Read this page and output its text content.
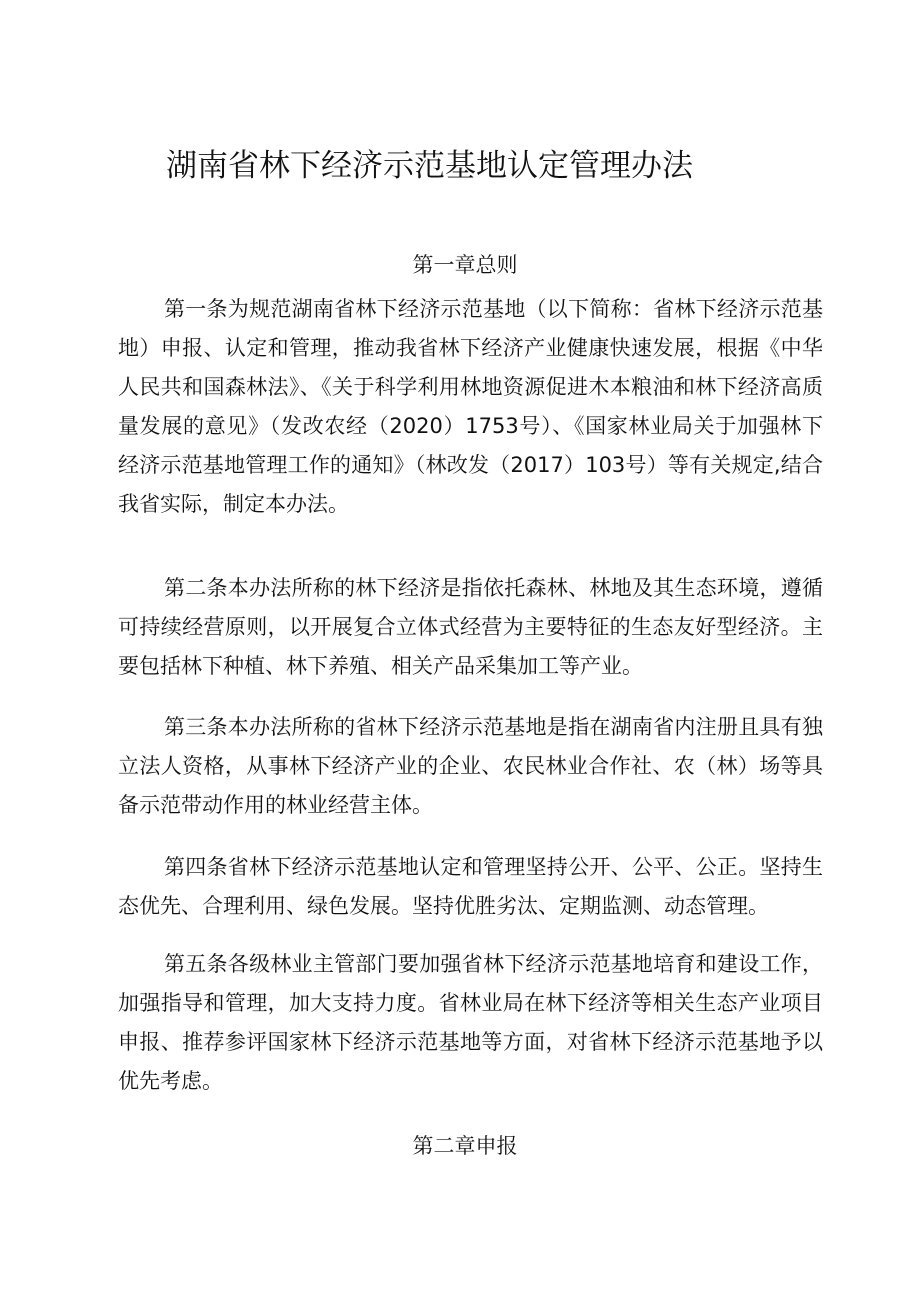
湖南省林下经济示范基地认定管理办法
第一章总则

第一条为规范湖南省林下经济示范基地（以下简称：省林下经济示范基地）申报、认定和管理，推动我省林下经济产业健康快速发展，根据《中华人民共和国森林法》、《关于科学利用林地资源促进木本粮油和林下经济高质量发展的意见》（发改农经（2020）1753号）、《国家林业局关于加强林下经济示范基地管理工作的通知》（林改发（2017）103号）等有关规定,结合我省实际，制定本办法。

第二条本办法所称的林下经济是指依托森林、林地及其生态环境，遵循可持续经营原则，以开展复合立体式经营为主要特征的生态友好型经济。主要包括林下种植、林下养殖、相关产品采集加工等产业。

第三条本办法所称的省林下经济示范基地是指在湖南省内注册且具有独立法人资格，从事林下经济产业的企业、农民林业合作社、农（林）场等具备示范带动作用的林业经营主体。

第四条省林下经济示范基地认定和管理坚持公开、公平、公正。坚持生态优先、合理利用、绿色发展。坚持优胜劣汰、定期监测、动态管理。

第五条各级林业主管部门要加强省林下经济示范基地培育和建设工作，加强指导和管理，加大支持力度。省林业局在林下经济等相关生态产业项目申报、推荐参评国家林下经济示范基地等方面，对省林下经济示范基地予以优先考虑。

第二章申报
